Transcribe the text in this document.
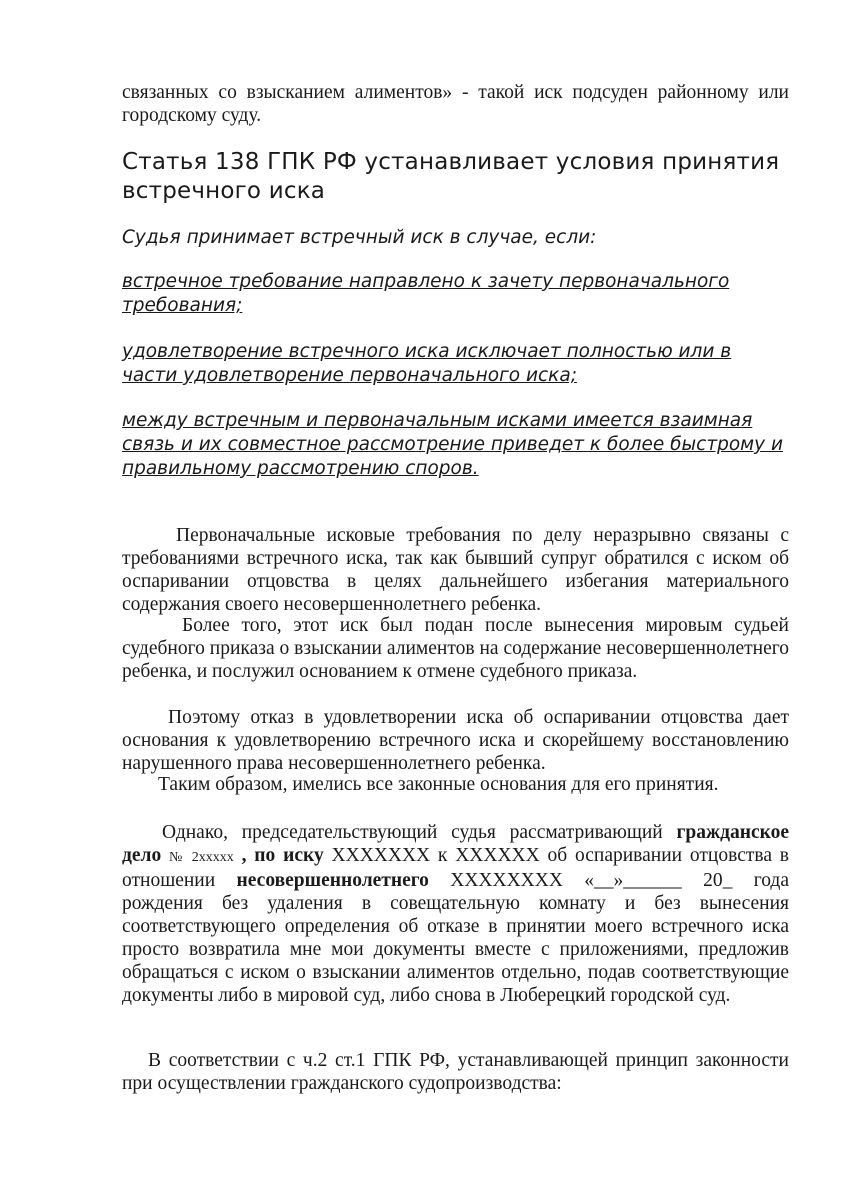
связанных со взысканием алиментов» - такой иск подсуден районному или городскому суду.

Статья 138 ГПК РФ устанавливает условия принятия встречного иска

Судья принимает встречный иск в случае, если:

встречное требование направлено к зачету первоначального требования;

удовлетворение встречного иска исключает полностью или в части удовлетворение первоначального иска;

между встречным и первоначальным исками имеется взаимная связь и их совместное рассмотрение приведет к более быстрому и правильному рассмотрению споров.

Первоначальные исковые требования по делу неразрывно связаны с требованиями встречного иска, так как бывший супруг обратился с иском об оспаривании отцовства в целях дальнейшего избегания материального содержания своего несовершеннолетнего ребенка.

Более того, этот иск был подан после вынесения мировым судьей судебного приказа о взыскании алиментов на содержание несовершеннолетнего ребенка, и послужил основанием к отмене судебного приказа.

Поэтому отказ в удовлетворении иска об оспаривании отцовства дает основания к удовлетворению встречного иска и скорейшему восстановлению нарушенного права несовершеннолетнего ребенка.

Таким образом, имелись все законные основания для его принятия.

Однако, председательствующий судья рассматривающий гражданское дело № 2ххххх , по иску ХХХХХХХ к ХХХХХХ об оспаривании отцовства в отношении несовершеннолетнего ХХХХХХХХ «__»______ 20_ года рождения без удаления в совещательную комнату и без вынесения соответствующего определения об отказе в принятии моего встречного иска просто возвратила мне мои документы вместе с приложениями, предложив обращаться с иском о взыскании алиментов отдельно, подав соответствующие документы либо в мировой суд, либо снова в Люберецкий городской суд.

В соответствии с ч.2 ст.1 ГПК РФ, устанавливающей принцип законности при осуществлении гражданского судопроизводства:
